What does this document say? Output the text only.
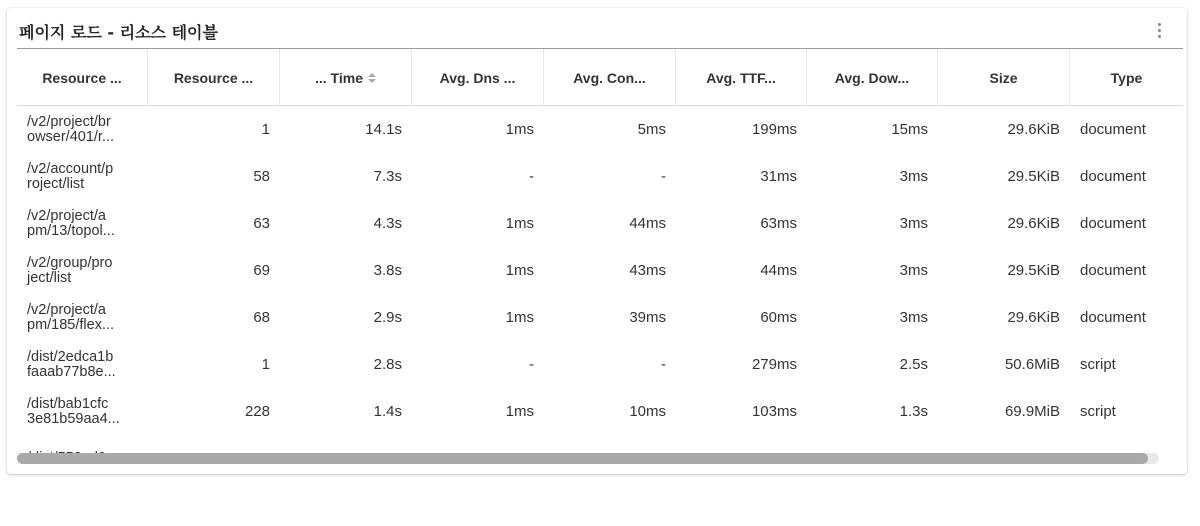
페이지 로드 - 리소스 테이블
Resource ...	Resource ...	... Time	Avg. Dns ...	Avg. Con...	Avg. TTF...	Avg. Dow...	Size	Type
/v2/project/br
owser/401/r...	1	14.1s	1ms	5ms	199ms	15ms	29.6KiB	document
/v2/account/p
roject/list	58	7.3s	-	-	31ms	3ms	29.5KiB	document
/v2/project/a
pm/13/topol...	63	4.3s	1ms	44ms	63ms	3ms	29.6KiB	document
/v2/group/pro
ject/list	69	3.8s	1ms	43ms	44ms	3ms	29.5KiB	document
/v2/project/a
pm/185/flex...	68	2.9s	1ms	39ms	60ms	3ms	29.6KiB	document
/dist/2edca1b
faaab77b8e...	1	2.8s	-	-	279ms	2.5s	50.6MiB	script
/dist/bab1cfc
3e81b59aa4...	228	1.4s	1ms	10ms	103ms	1.3s	69.9MiB	script
